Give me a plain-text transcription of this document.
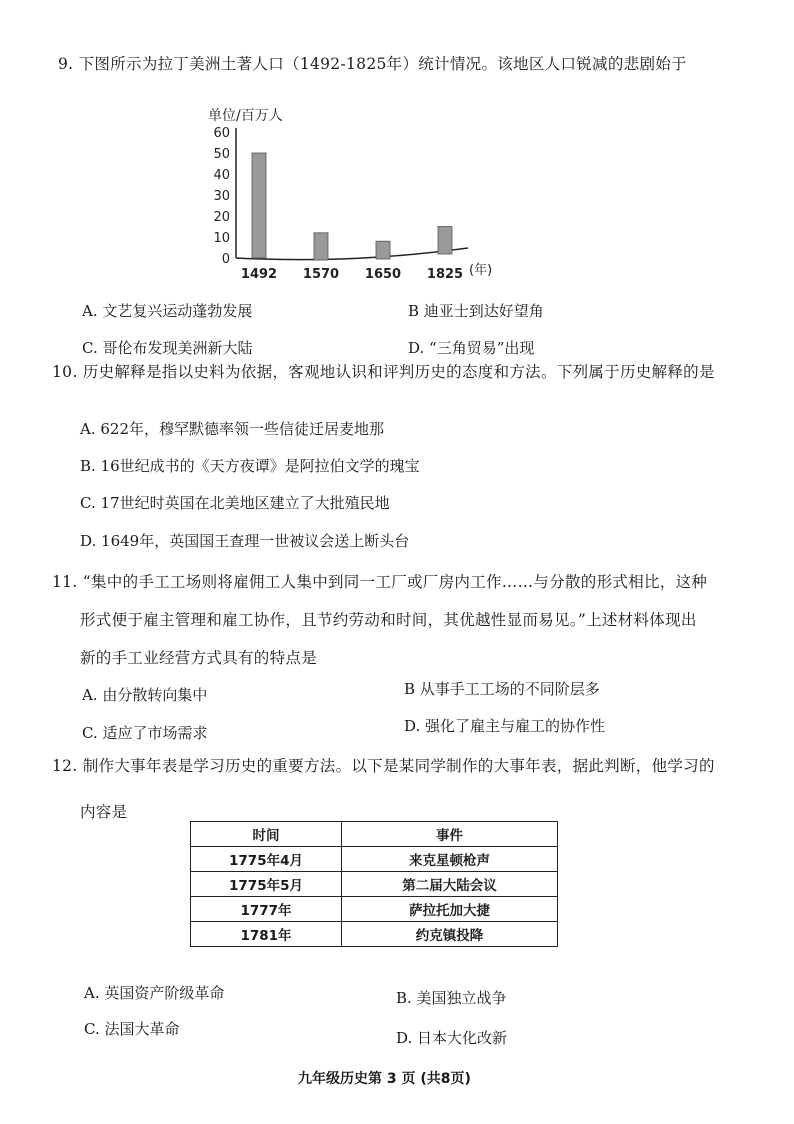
9. 下图所示为拉丁美洲土著人口（1492-1825年）统计情况。该地区人口锐减的悲剧始于
单位/百万人
0
10
20
30
40
50
60
1492 1570 1650 1825 (年)
A. 文艺复兴运动蓬勃发展	B 迪亚士到达好望角
C. 哥伦布发现美洲新大陆	D. “三角贸易”出现
10. 历史解释是指以史料为依据，客观地认识和评判历史的态度和方法。下列属于历史解释的是
A. 622年，穆罕默德率领一些信徒迁居麦地那
B. 16世纪成书的《天方夜谭》是阿拉伯文学的瑰宝
C. 17世纪时英国在北美地区建立了大批殖民地
D. 1649年，英国国王查理一世被议会送上断头台
11. “集中的手工工场则将雇佣工人集中到同一工厂或厂房内工作……与分散的形式相比，这种
形式便于雇主管理和雇工协作，且节约劳动和时间，其优越性显而易见。”上述材料体现出
新的手工业经营方式具有的特点是
A. 由分散转向集中	B 从事手工工场的不同阶层多
C. 适应了市场需求	D. 强化了雇主与雇工的协作性
12. 制作大事年表是学习历史的重要方法。以下是某同学制作的大事年表，据此判断，他学习的
内容是
时间	事件
1775年4月	来克星顿枪声
1775年5月	第二届大陆会议
1777年	萨拉托加大捷
1781年	约克镇投降
A. 英国资产阶级革命	B. 美国独立战争
C. 法国大革命	D. 日本大化改新
九年级历史第 3 页 (共8页)
